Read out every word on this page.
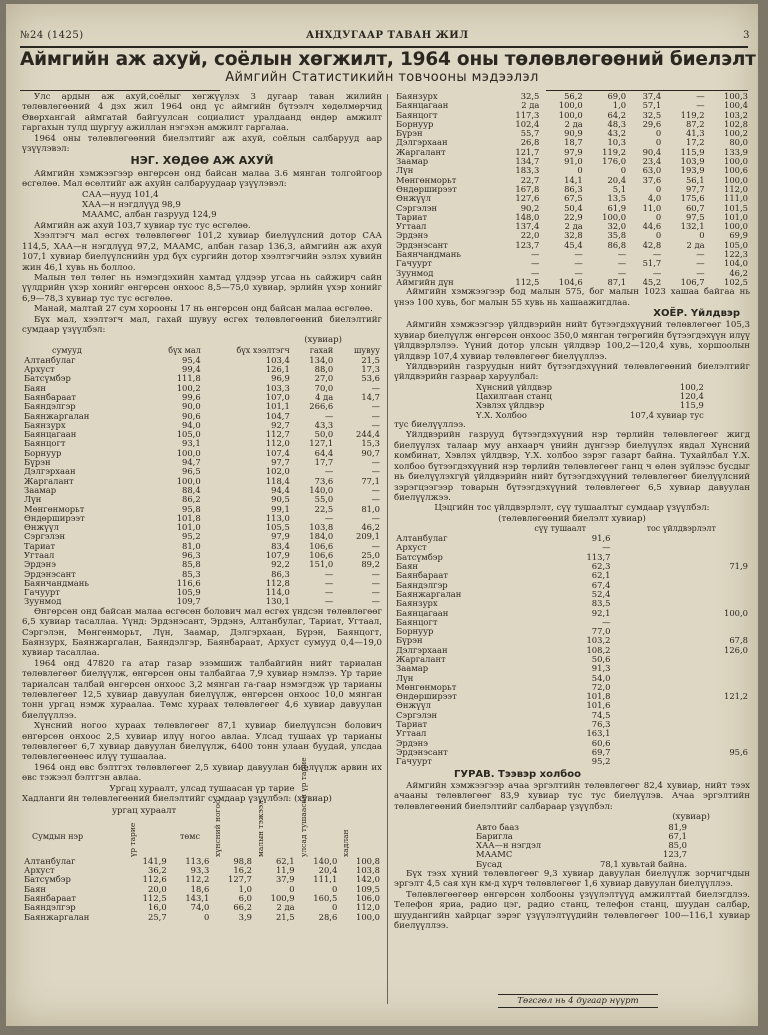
№24 (1425)	АНХДУГААР ТАВАН ЖИЛ	3
Аймгийн аж ахуй, соёлын хөгжилт, 1964 оны төлөвлөгөөний биелэлт
Аймгийн Статистикийн товчооны мэдээлэл

Улс ардын аж ахуй,соёлыг хөгжүүлэх 3 дугаар таван жилийн төлөвлөгөөний 4 дэх жил 1964 онд үс аймгийн бүтээлч хөдөлмөрчид Өвөрхангай аймгатай байгуулсан социалист уралдаанд өндөр амжилт гаргахын тулд шургуу ажиллан нэгэхэн амжилт гаргалаа.

1964 оны төлөвлөгөөний биелэлтийг аж ахуй, соёлын салбарууд аар үзүүлэвэл:

НЭГ. ХӨДӨӨ АЖ АХУЙ

Аймгийн хэмжээгээр өнгөрсөн онд байсан малаа 3.6 мянган толгойгоор өсгөлөө. Мал өсөлтийг аж ахуйн салбаруудаар үзүүлэвэл:

САА—нууд 101,4
ХАА—н нэгдлүүд 98,9
МААМС, албан газрууд 124,9

Аймгийн аж ахуй 103,7 хувиар тус тус өсгөлөө.

Хээлтэгч мал өсгөх төлөвлөгөөг 101,2 хувиар биелүүлсний дотор САА 114,5, ХАА—н нэгдлүүд 97,2, МААМС, албан газар 136,3, аймгийн аж ахуй 107,1 хувиар биелүүлснийн урд бүх сургийн дотор хээлтэгчийн эзлэх хувийн жин 46,1 хувь нь боллоо.

Малын төл төлөг нь нэмэгдэхийн хамтад үлдээр угсаа нь сайжирч сайн үүлдрийн үхэр хонийг өнгөрсөн онхоос 8,5—75,0 хувиар, эрлийн үхэр хонийг 6,9—78,3 хувиар тус тус өсгөлөө.

Манай, малтай 27 сум хорооны 17 нь өнгөрсөн онд байсан малаа өсгөлөө.

Бүх мал, хээлтэгч мал, гахай шувуу өсгөх төлөвлөгөөний биелэлтийг сумдаар үзүүлбэл:

(хувиар)
сумууд	бүх мал	бүх хээлтэгч	гахай	шувуу
Алтанбулаг	95,4	103,4	134,0	21,5
Архуст	99,4	126,1	88,0	17,3
Батсүмбэр	111,8	96,9	27,0	53,6
Баян	100,2	103,3	70,0	—
Баянбараат	99,6	107,0	4 да	14,7
Баяндэлгэр	90,0	101,1	266,6	—
Баянжаргалан	90,6	104,7	—	—
Баянзурх	94,0	92,7	43,3	—
Баянцагаан	105,0	112,7	50,0	244,4
Баянцогт	93,1	112,0	127,1	15,3
Борнуур	100,0	107,4	64,4	90,7
Бүрэн	94,7	97,7	17,7	—
Дэлгэрхаан	96,5	102,0	—	—
Жаргалант	100,0	118,4	73,6	77,1
Заамар	88,4	94,4	140,0	—
Лүн	86,2	90,5	55,0	—
Мөнгөнморьт	95,8	99,1	22,5	81,0
Өндөрширээт	101,8	113,0	—	—
Өнжүүл	101,0	105,5	103,8	46,2
Сэргэлэн	95,2	97,9	184,0	209,1
Тариат	81,0	83,4	106,6	—
Угтаал	96,3	107,9	106,6	25,0
Эрдэнэ	85,8	92,2	151,0	89,2
Эрдэнэсант	85,3	86,3	—	—
Баянчандмань	116,6	112,8	—	—
Гачуурт	105,9	114,0	—	—
Зуунмод	109,7	130,1	—	—

Өнгөрсөн онд байсан малаа өсгөсөн болович мал өсгөх үндсэн төлөвлөгөөг 6,5 хувиар тасаллаа. Үүнд: Эрдэнэсант, Эрдэнэ, Алтанбулаг, Тариат, Угтаал, Сэргэлэн, Мөнгөнморьт, Лүн, Заамар, Дэлгэрхаан, Бүрэн, Баянцогт, Баянзурх, Баянжаргалан, Баяндэлгэр, Баянбараат, Архуст сумууд 0,4—19,0 хувиар тасаллаа.

1964 онд 47820 га атар газар эзэмшиж талбайгийн нийт тариалан төлөвлөгөөг биелүүлж, өнгөрсөн оны талбайгаа 7,9 хувиар нэмлээ. Үр тарие тариалсан талбай өнгөрсөн онхоос 3,2 мянган га-гаар нэмэгдэж үр тарианы төлөвлөгөөг 12,5 хувиар давуулан биелүүлж, өнгөрсөн онхоос 10,0 мянган тонн ургац нэмж хураалаа. Төмс хураах төлөвлөгөөг 4,6 хувиар давуулан биелүүллээ.

Хүнсний ногоо хураах төлөвлөгөөг 87,1 хувиар биелүүлсэн болович өнгөрсөн онхоос 2,5 хувиар илүү ногоо авлаа. Улсад тушаах үр тарианы төлөвлөгөөг 6,7 хувиар давуулан биелүүлж, 6400 тонн улаан буудай, улсдаа төлөвлөгөөнөөс илүү тушаалаа.

1964 онд өвс бэлтгэх төлөвлөгөөг 2,5 хувиар давуулан биелүүлж арвин их өвс тэжээл бэлтгэн авлаа.

Ургац хураалт, улсад тушаасан үр тарие
Хадланги йн төлөвлөгөөний биелэлтийг сумдаар үзүүлбэл: (хувиар)
ургац хураалт
Сумдын нэр	үр тарие	төмс	хүнсний ногоо	малын тэжээл	улсад тушаасан үр тарие	хадлан

Алтанбулаг	141,9	113,6	98,8	62,1	140,0	100,8
Архуст	36,2	93,3	16,2	11,9	20,4	103,8
Батсүмбэр	112,6	112,2	127,7	37,9	111,1	142,0
Баян	20,0	18,6	1,0	0	0	109,5
Баянбараат	112,5	143,1	6,0	100,9	160,5	106,0
Баяндэлгэр	16,0	74,0	66,2	2 да	0	112,0
Баянжаргалан	25,7	0	3,9	21,5	28,6	100,0
Баянзурх	32,5	56,2	69,0	37,4	—	100,3
Баянцагаан	2 да	100,0	1,0	57,1	—	100,4
Баянцогт	117,3	100,0	64,2	32,5	119,2	103,2
Борнуур	102,4	2 да	48,3	29,6	87,2	102,8
Бүрэн	55,7	90,9	43,2	0	41,3	100,2
Дэлгэрхаан	26,8	18,7	10,3	0	17,2	80,0
Жаргалант	121,7	97,9	119,2	90,4	115,9	133,9
Заамар	134,7	91,0	176,0	23,4	103,9	100,0
Лүн	183,3	0	0	63,0	193,9	100,6
Мөнгөнморьт	22,7	14,1	20,4	37,6	56,1	100,0
Өндөрширээт	167,8	86,3	5,1	0	97,7	112,0
Өнжүүл	127,6	67,5	13,5	4,0	175,6	111,0
Сэргэлэн	90,2	50,4	61,9	11,0	60,7	101,5
Тариат	148,0	22,9	100,0	0	97,5	101,0
Угтаал	137,4	2 да	32,0	44,6	132,1	100,0
Эрдэнэ	22,0	32,8	35,8	0	0	69,9
Эрдэнэсант	123,7	45,4	86,8	42,8	2 да	105,0
Баянчандмань	—	—	—	—	—	122,3
Гачуурт	—	—	—	51,7	—	104,0
Зуунмод	—	—	—	—	—	46,2
Аймгийн дүн	112,5	104,6	87,1	45,2	106,7	102,5

Аймгийн хэмжээгээр бод малын 575, бог малын 1023 хашаа байгаа нь үнээ 100 хувь, бог малын 55 хувь нь хашаажигдлаа.

ХОЁР. Үйлдвэр

Аймгийн хэмжээгээр үйлдвэрийн нийт бүтээгдэхүүний төлөвлөгөөг 105,3 хувиар биелүүлж өнгөрсөн онхоос 350,0 мянган төгрөгийн бүтээгдэхүүн илүү үйлдвэрлэлээ. Үүний дотор улсын үйлдвэр 100,2—120,4 хувь, хоршоолын үйлдвэр 107,4 хувиар төлөвлөгөөг биелүүллээ.

Үйлдвэрийн газруудын нийт бүтээгдэхүүний төлөвлөгөөний биелэлтийг үйлдвэрийн газраар харуулбал:

Хүнсний үйлдвэр	100,2
Цахилгаан станц	120,4
Хэвлэх үйлдвэр	115,9
Ү.Х. Холбоо	107,4 хувиар тус

тус биелүүллээ.

Үйлдвэрийн газрууд бүтээгдэхүүний нэр төрлийн төлөвлөгөөг жигд биелүүлэх талаар муу анхаарч үнийн дүнгээр биелүүлэх явдал Хүнсний комбинат, Хэвлэх үйлдвэр, Ү.Х. холбоо зэрэг газарт байна. Тухайлбал Ү.Х. холбоо бүтээгдэхүүний нэр төрлийн төлөвлөгөөг ганц ч өлөн зүйлээс бусдыг нь биелүүлэхгүй үйлдвэрийн нийт бүтээгдэхүүний төлөвлөгөөг биелүүлсний зэрэгцээгээр товарын бүтээгдэхүүний төлөвлөгөөг 6,5 хувиар давуулан биелүүлжээ.

Цэцгийн тос үйлдвэрлэлт, сүү тушаалтыг сумдаар үзүүлбэл:
(төлөвлөгөөний биелэлт хувиар)
	сүү тушаалт	тос үйлдвэрлэлт
Алтанбулаг	91,6	
Архуст	—	
Батсүмбэр	113,7	
Баян	62,3	71,9
Баянбараат	62,1	
Баяндэлгэр	67,4	
Баянжаргалан	52,4	
Баянзурх	83,5	
Баянцагаан	92,1	100,0
Баянцогт	—	
Борнуур	77,0	
Бүрэн	103,2	67,8
Дэлгэрхаан	108,2	126,0
Жаргалант	50,6	
Заамар	91,3	
Лүн	54,0	
Мөнгөнморьт	72,0	
Өндөрширээт	101,8	121,2
Өнжүүл	101,6	
Сэргэлэн	74,5	
Тариат	76,3	
Угтаал	163,1	
Эрдэнэ	60,6	
Эрдэнэсант	69,7	95,6
Гачуурт	95,2	
ГУРАВ. Тээвэр холбоо

Аймгийн хэмжээгээр ачаа эргэлтийн төлөвлөгөөг 82,4 хувиар, нийт тээх ачааны төлөвлөгөөг 83,9 хувиар тус тус биелүүлэв. Ачаа эргэлтийн төлөвлөгөөний биелэлтийг салбараар үзүүлбэл:

(хувиар)
Авто бааз	81,9
Баригла	67,1
ХАА—н нэгдэл	85,0
МААМС	123,7
Бусад	78,1 хувьтай байна.

Бүх тээх хүний төлөвлөгөөг 9,3 хувиар давуулан биелүүлж зорчигчдын эргэлт 4,5 сая хүн км-д хүрч төлөвлөгөөг 1,6 хувиар давуулан биелүүллээ.

Төлөвлөгөөгөөр өнгөрсөн холбооны үзүүлэлтүүд амжилттай биелэгдлээ. Телефон яриа, радио цэг, радио станц, телефон станц, шуудан салбар, шуудангийн хайрцаг зэрэг үзүүлэлтүүдийн төлөвлөгөөг 100—116,1 хувиар биелүүллээ.

Төгсгөл нь 4 дугаар нүүрт
